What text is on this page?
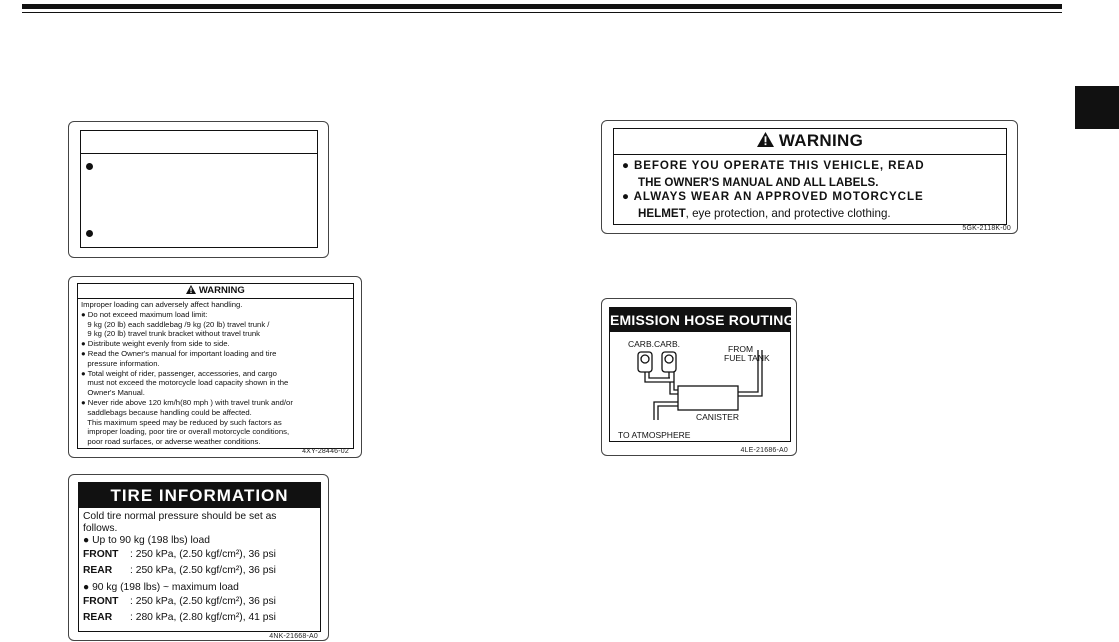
WARNING
Improper loading can adversely affect handling.
● Do not exceed maximum load limit:
9 kg (20 lb) each saddlebag /9 kg (20 lb) travel trunk /
9 kg (20 lb) travel trunk bracket without travel trunk
● Distribute weight evenly from side to side.
● Read the Owner's manual for important loading and tire
pressure information.
● Total weight of rider, passenger, accessories, and cargo
must not exceed the motorcycle load capacity shown in the
Owner's Manual.
● Never ride above 120 km/h(80 mph ) with travel trunk and/or
saddlebags because handling could be affected.
This maximum speed may be reduced by such factors as
improper loading, poor tire or overall motorcycle conditions,
poor road surfaces, or adverse weather conditions.
4XY-28446-02
TIRE INFORMATION
Cold tire normal pressure should be set as
follows.
● Up to 90 kg (198 lbs) load
FRONT : 250 kPa, (2.50 kgf/cm²), 36 psi
REAR : 250 kPa, (2.50 kgf/cm²), 36 psi
● 90 kg (198 lbs) ~ maximum load
FRONT : 250 kPa, (2.50 kgf/cm²), 36 psi
REAR : 280 kPa, (2.80 kgf/cm²), 41 psi
4NK-21668-A0
WARNING
● BEFORE YOU OPERATE THIS VEHICLE, READ
THE OWNER'S MANUAL AND ALL LABELS.
● ALWAYS WEAR AN APPROVED MOTORCYCLE
HELMET, eye protection, and protective clothing.
5GK-2118K-00
EMISSION HOSE ROUTING
CARB. CARB.	FROM
FUEL TANK
CANISTER
TO ATMOSPHERE
4LE-21686-A0
